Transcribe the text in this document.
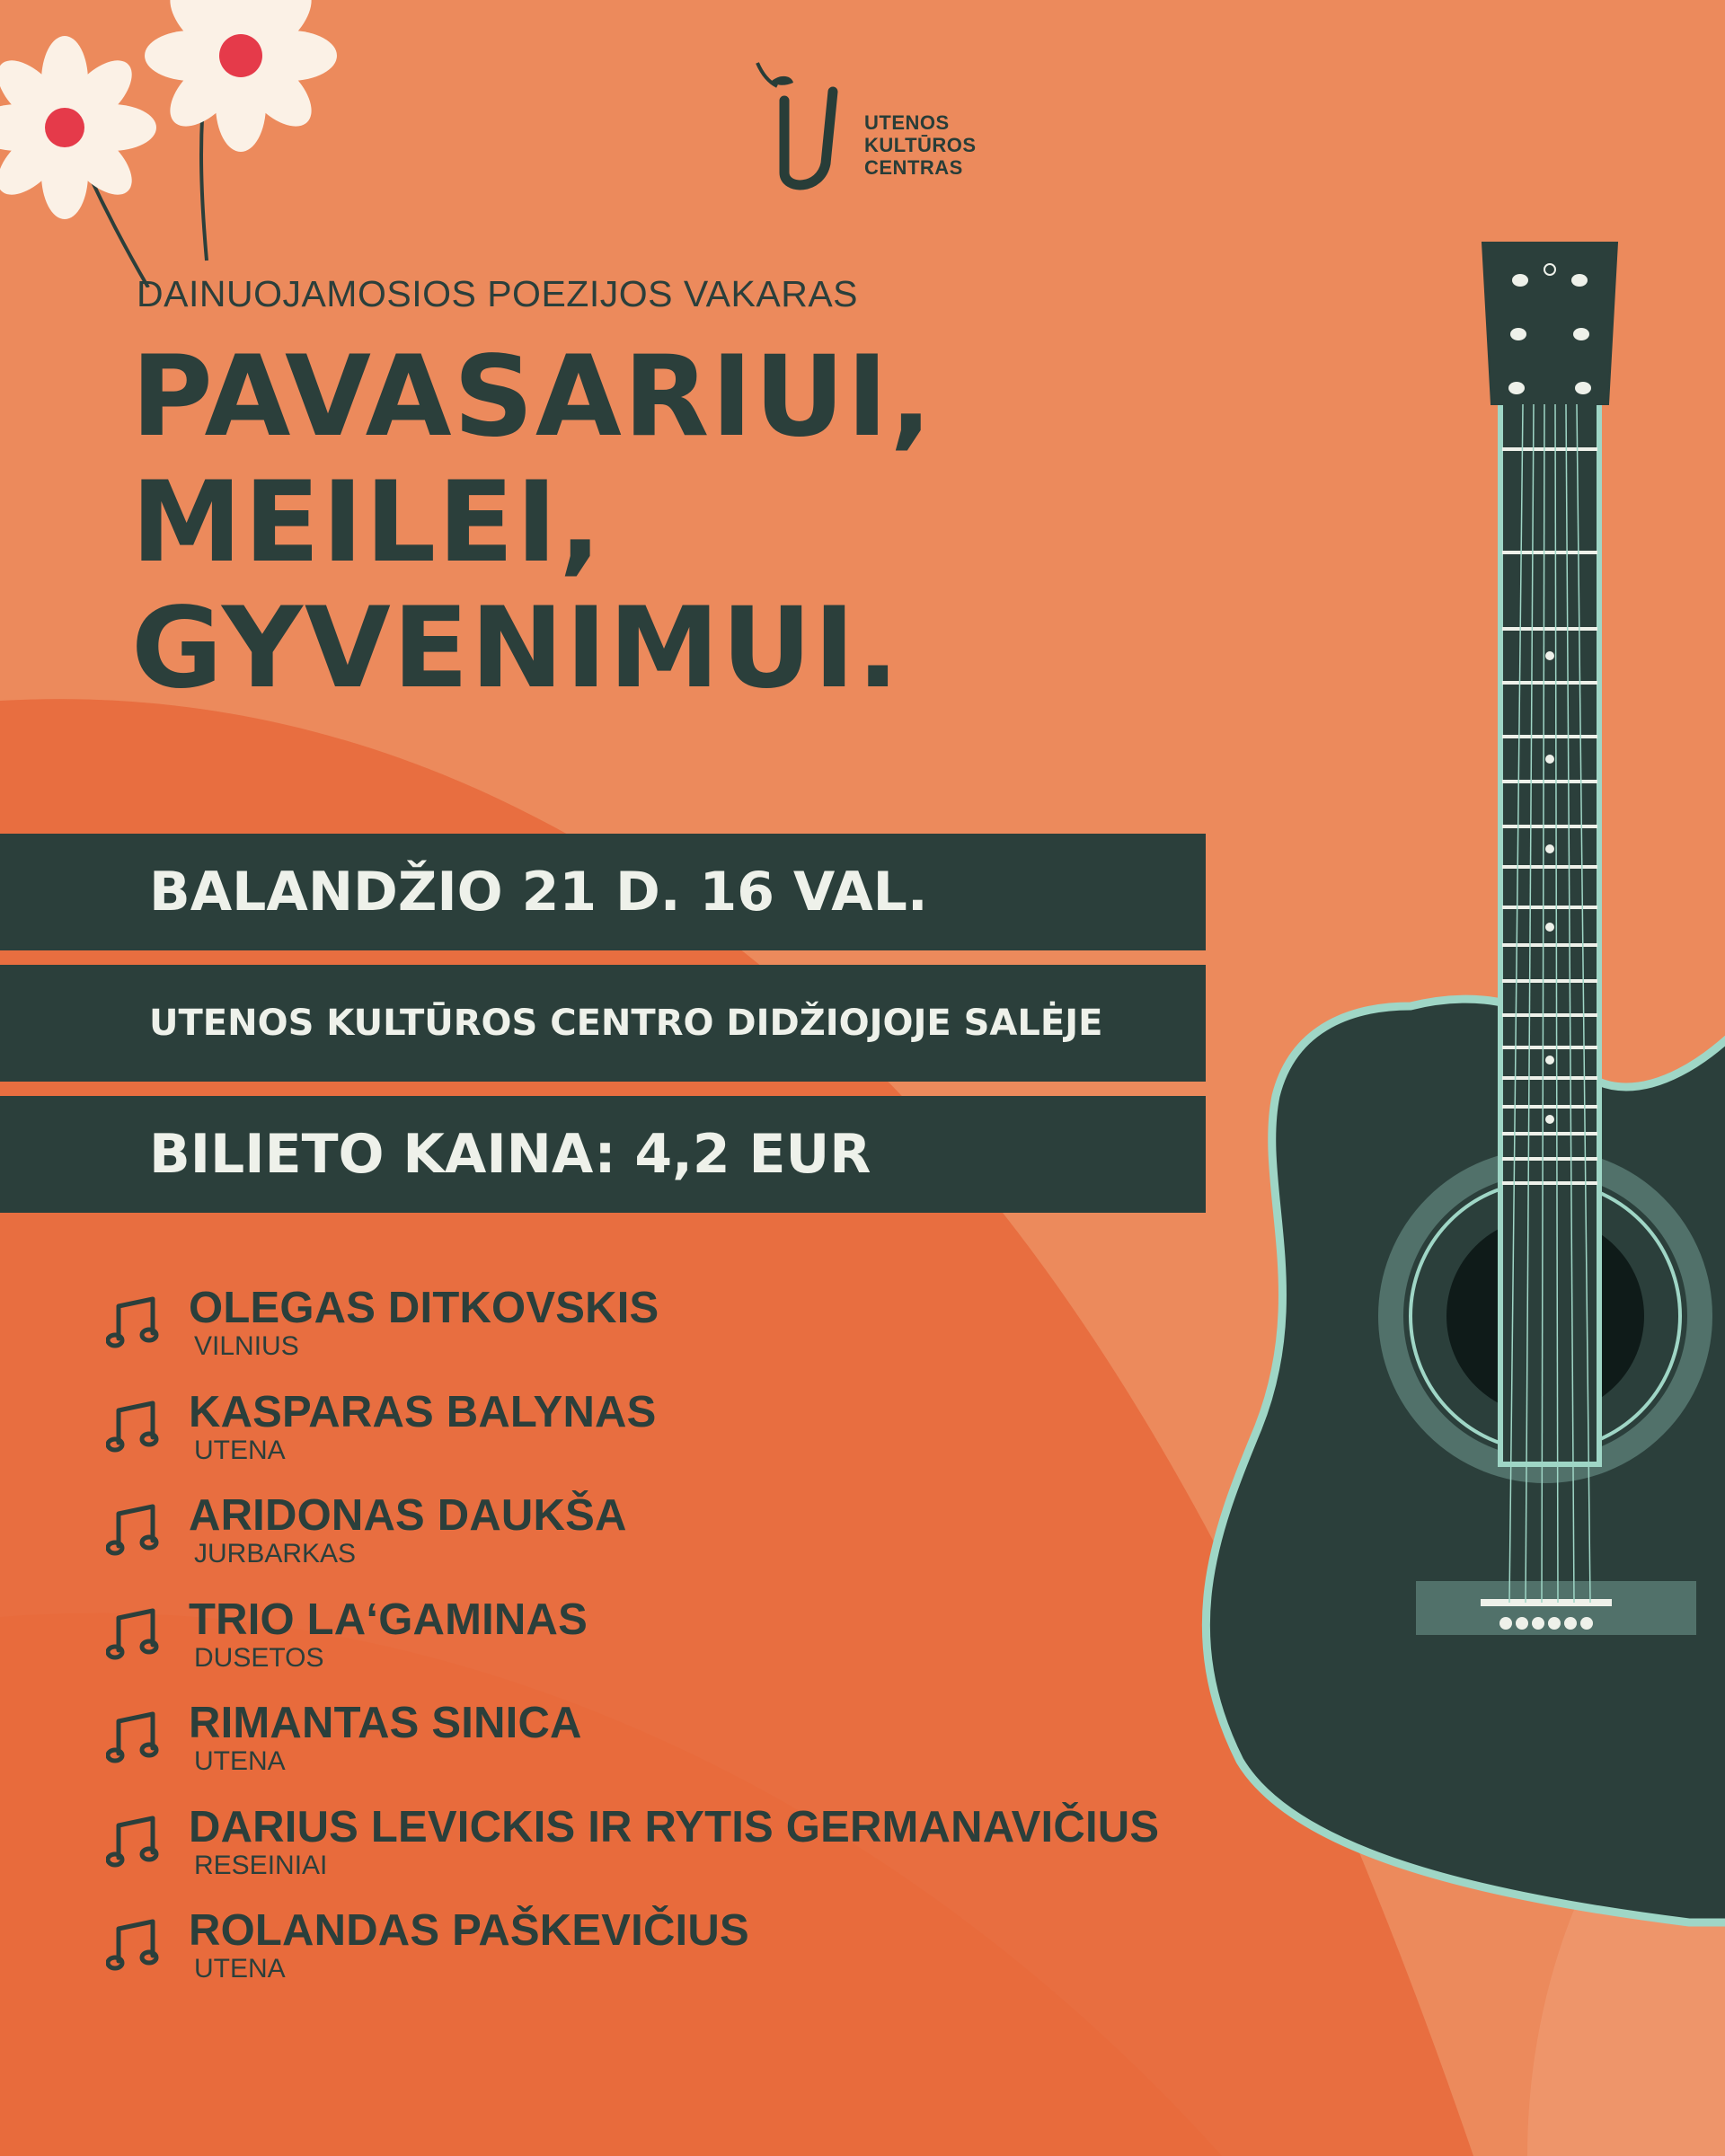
UTENOS
KULTŪROS
CENTRAS
DAINUOJAMOSIOS POEZIJOS VAKARAS
PAVASARIUI,
MEILEI,
GYVENIMUI.
BALANDŽIO 21 D. 16 VAL.
UTENOS KULTŪROS CENTRO DIDŽIOJOJE SALĖJE
BILIETO KAINA: 4,2 EUR
OLEGAS DITKOVSKIS
VILNIUS
KASPARAS BALYNAS
UTENA
ARIDONAS DAUKŠA
JURBARKAS
TRIO LA‘GAMINAS
DUSETOS
RIMANTAS SINICA
UTENA
DARIUS LEVICKIS IR RYTIS GERMANAVIČIUS
RESEINIAI
ROLANDAS PAŠKEVIČIUS
UTENA
